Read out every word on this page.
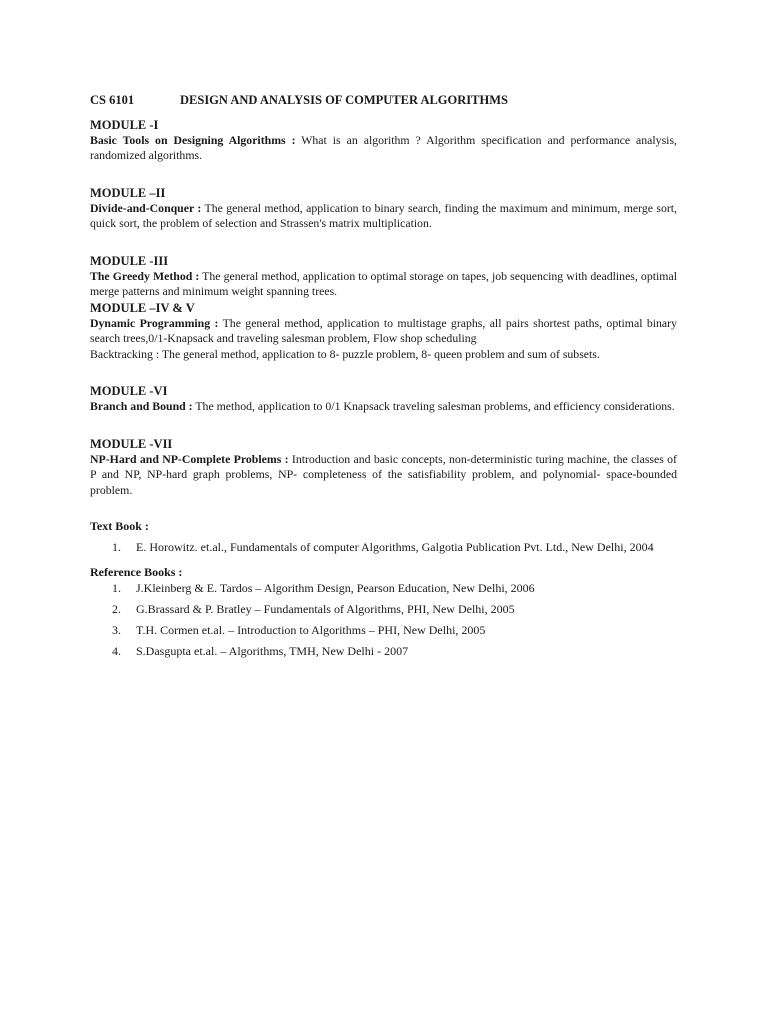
CS 6101	DESIGN AND ANALYSIS OF COMPUTER ALGORITHMS
MODULE -I
Basic Tools on Designing Algorithms : What is an algorithm ? Algorithm specification and performance analysis, randomized algorithms.
MODULE –II
Divide-and-Conquer : The general method, application to binary search, finding the maximum and minimum, merge sort, quick sort, the problem of selection and Strassen's matrix multiplication.
MODULE -III
The Greedy Method : The general method, application to optimal storage on tapes, job sequencing with deadlines, optimal merge patterns and minimum weight spanning trees.
MODULE –IV & V
Dynamic Programming : The general method, application to multistage graphs, all pairs shortest paths, optimal binary search trees,0/1-Knapsack and traveling salesman problem, Flow shop scheduling
Backtracking : The general method, application to 8- puzzle problem, 8- queen problem and sum of subsets.
MODULE -VI
Branch and Bound : The method, application to 0/1 Knapsack traveling salesman problems, and efficiency considerations.
MODULE -VII
NP-Hard and NP-Complete Problems : Introduction and basic concepts, non-deterministic turing machine, the classes of P and NP, NP-hard graph problems, NP- completeness of the satisfiability problem, and polynomial- space-bounded problem.
Text Book :
1.	E. Horowitz. et.al., Fundamentals of computer Algorithms, Galgotia Publication Pvt. Ltd., New Delhi, 2004
Reference Books :
1.	J.Kleinberg & E. Tardos – Algorithm Design, Pearson Education, New Delhi, 2006
2.	G.Brassard & P. Bratley – Fundamentals of Algorithms, PHI, New Delhi, 2005
3.	T.H. Cormen et.al. – Introduction to Algorithms – PHI, New Delhi, 2005
4.	S.Dasgupta et.al. – Algorithms, TMH, New Delhi - 2007
